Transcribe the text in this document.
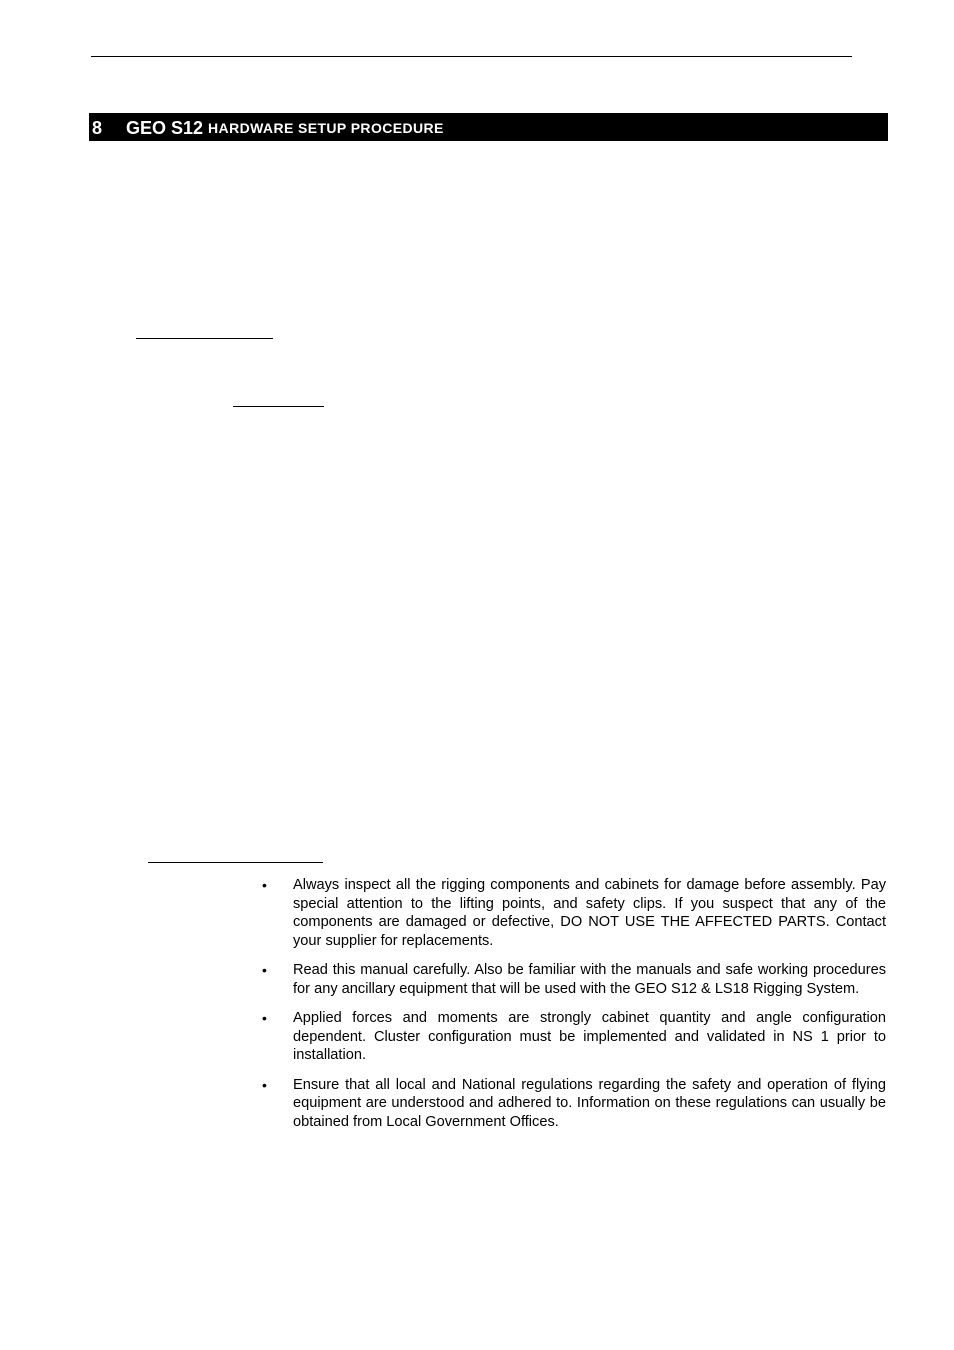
8	GEO S12 HARDWARE SETUP PROCEDURE
•	Always inspect all the rigging components and cabinets for damage before assembly. Pay special attention to the lifting points, and safety clips. If you suspect that any of the components are damaged or defective, DO NOT USE THE AFFECTED PARTS. Contact your supplier for replacements.
•	Read this manual carefully. Also be familiar with the manuals and safe working procedures for any ancillary equipment that will be used with the GEO S12 & LS18 Rigging System.
•	Applied forces and moments are strongly cabinet quantity and angle configuration dependent. Cluster configuration must be implemented and validated in NS 1 prior to installation.
•	Ensure that all local and National regulations regarding the safety and operation of flying equipment are understood and adhered to. Information on these regulations can usually be obtained from Local Government Offices.
